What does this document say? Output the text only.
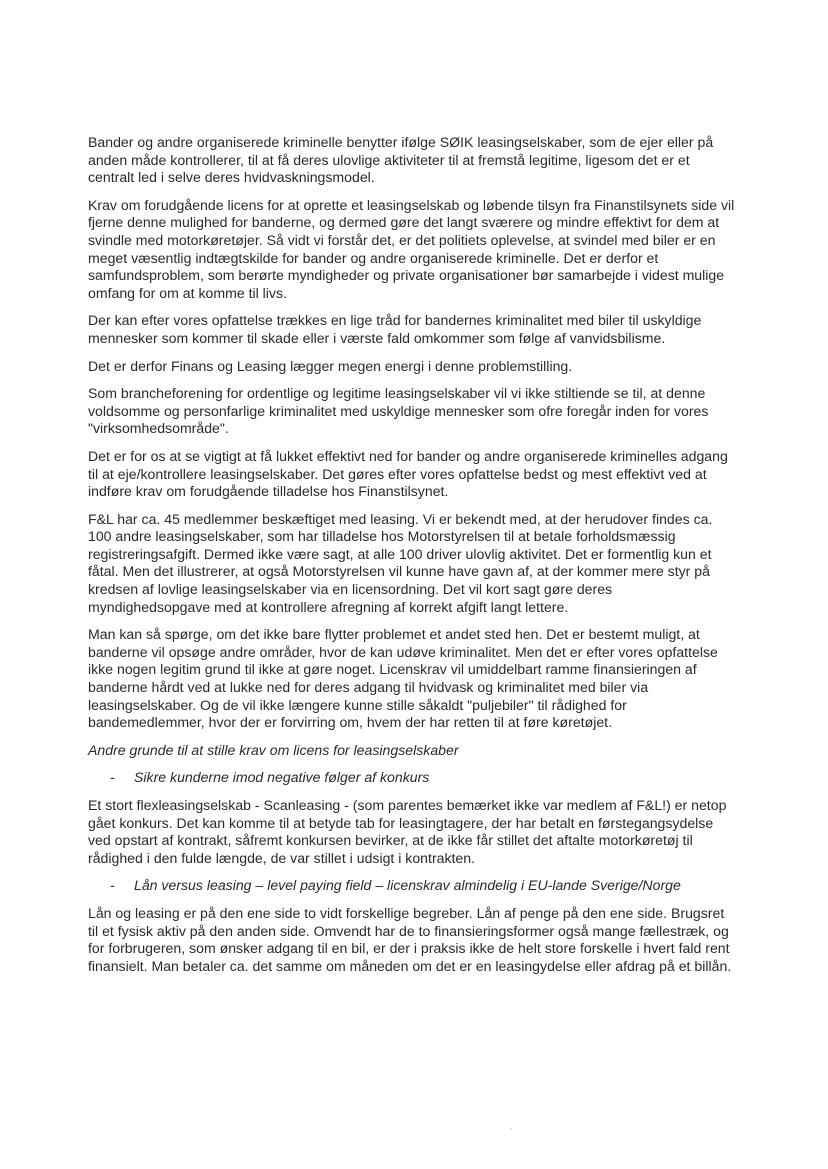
Bander og andre organiserede kriminelle benytter ifølge SØIK leasingselskaber, som de ejer eller på anden måde kontrollerer, til at få deres ulovlige aktiviteter til at fremstå legitime, ligesom det er et centralt led i selve deres hvidvaskningsmodel.

Krav om forudgående licens for at oprette et leasingselskab og løbende tilsyn fra Finanstilsynets side vil fjerne denne mulighed for banderne, og dermed gøre det langt sværere og mindre effektivt for dem at svindle med motorkøretøjer. Så vidt vi forstår det, er det politiets oplevelse, at svindel med biler er en meget væsentlig indtægtskilde for bander og andre organiserede kriminelle. Det er derfor et samfundsproblem, som berørte myndigheder og private organisationer bør samarbejde i videst mulige omfang for om at komme til livs.

Der kan efter vores opfattelse trækkes en lige tråd for bandernes kriminalitet med biler til uskyldige mennesker som kommer til skade eller i værste fald omkommer som følge af vanvidsbilisme.

Det er derfor Finans og Leasing lægger megen energi i denne problemstilling.

Som brancheforening for ordentlige og legitime leasingselskaber vil vi ikke stiltiende se til, at denne voldsomme og personfarlige kriminalitet med uskyldige mennesker som ofre foregår inden for vores "virksomhedsområde".

Det er for os at se vigtigt at få lukket effektivt ned for bander og andre organiserede kriminelles adgang til at eje/kontrollere leasingselskaber. Det gøres efter vores opfattelse bedst og mest effektivt ved at indføre krav om forudgående tilladelse hos Finanstilsynet.

F&L har ca. 45 medlemmer beskæftiget med leasing. Vi er bekendt med, at der herudover findes ca. 100 andre leasingselskaber, som har tilladelse hos Motorstyrelsen til at betale forholdsmæssig registreringsafgift. Dermed ikke være sagt, at alle 100 driver ulovlig aktivitet. Det er formentlig kun et fåtal. Men det illustrerer, at også Motorstyrelsen vil kunne have gavn af, at der kommer mere styr på kredsen af lovlige leasingselskaber via en licensordning. Det vil kort sagt gøre deres myndighedsopgave med at kontrollere afregning af korrekt afgift langt lettere.

Man kan så spørge, om det ikke bare flytter problemet et andet sted hen. Det er bestemt muligt, at banderne vil opsøge andre områder, hvor de kan udøve kriminalitet. Men det er efter vores opfattelse ikke nogen legitim grund til ikke at gøre noget. Licenskrav vil umiddelbart ramme finansieringen af banderne hårdt ved at lukke ned for deres adgang til hvidvask og kriminalitet med biler via leasingselskaber. Og de vil ikke længere kunne stille såkaldt "puljebiler" til rådighed for bandemedlemmer, hvor der er forvirring om, hvem der har retten til at føre køretøjet.

Andre grunde til at stille krav om licens for leasingselskaber

-	Sikre kunderne imod negative følger af konkurs

Et stort flexleasingselskab - Scanleasing - (som parentes bemærket ikke var medlem af F&L!) er netop gået konkurs. Det kan komme til at betyde tab for leasingtagere, der har betalt en førstegangsydelse ved opstart af kontrakt, såfremt konkursen bevirker, at de ikke får stillet det aftalte motorkøretøj til rådighed i den fulde længde, de var stillet i udsigt i kontrakten.

-	Lån versus leasing – level paying field – licenskrav almindelig i EU-lande Sverige/Norge

Lån og leasing er på den ene side to vidt forskellige begreber. Lån af penge på den ene side. Brugsret til et fysisk aktiv på den anden side. Omvendt har de to finansieringsformer også mange fællestræk, og for forbrugeren, som ønsker adgang til en bil, er der i praksis ikke de helt store forskelle i hvert fald rent finansielt. Man betaler ca. det samme om måneden om det er en leasingydelse eller afdrag på et billån.
